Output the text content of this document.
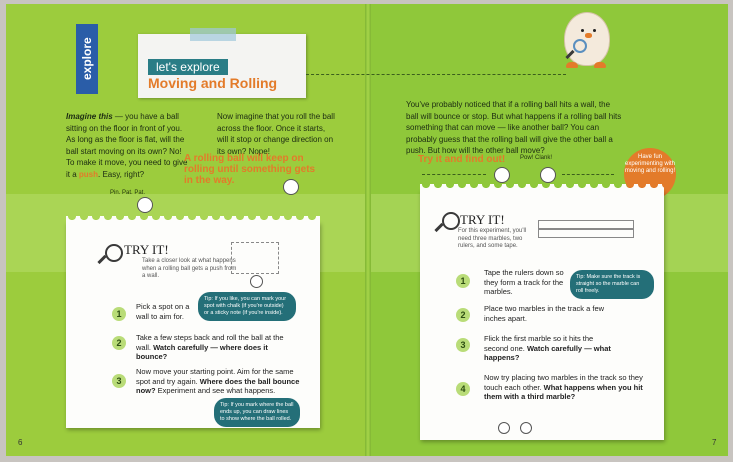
explore	let's explore
Moving and Rolling
Imagine this — you have a ball sitting on the floor in front of you. As long as the floor is flat, will the ball start moving on its own? No! To make it move, you need to give it a push. Easy, right?
Now imagine that you roll the ball across the floor. Once it starts, will it stop or change direction on its own? Nope!
A rolling ball will keep on rolling until something gets in the way.
Pin. Pat. Pat.
TRY IT!
Take a closer look at what happens when a rolling ball gets a push from a wall.
1
Pick a spot on a wall to aim for.
2
Take a few steps back and roll the ball at the wall. Watch carefully — where does it bounce?
3
Now move your starting point. Aim for the same spot and try again. Where does the ball bounce now? Experiment and see what happens.
Tip: If you like, you can mark your spot with chalk (if you're outside) or a sticky note (if you're inside).
Tip: If you mark where the ball ends up, you can draw lines to show where the ball rolled.
6
You've probably noticed that if a rolling ball hits a wall, the ball will bounce or stop. But what happens if a rolling ball hits something that can move — like another ball? You can probably guess that the rolling ball will give the other ball a push. But how will the other ball move?
Try it and find out! Pow! Clank!	Have fun experimenting with moving and rolling!
TRY IT!
For this experiment, you'll need three marbles, two rulers, and some tape.
1
Tape the rulers down so they form a track for the marbles.
2
Place two marbles in the track a few inches apart.
3
Flick the first marble so it hits the second one. Watch carefully — what happens?
4
Now try placing two marbles in the track so they touch each other. What happens when you hit them with a third marble?
Tip: Make sure the track is straight so the marble can roll freely.
7
